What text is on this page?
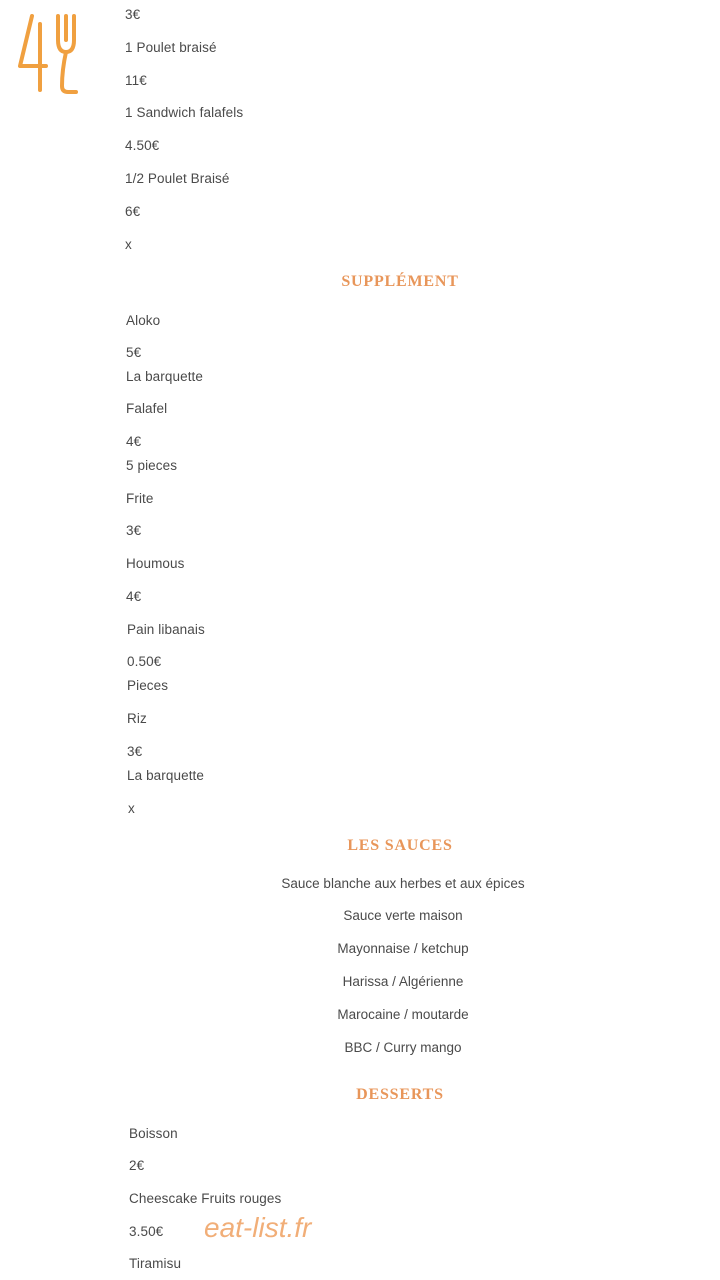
3€
1 Poulet braisé
11€
1 Sandwich falafels
4.50€
1/2 Poulet Braisé
6€
x
SUPPLÉMENT
Aloko
5€
La barquette
Falafel
4€
5 pieces
Frite
3€
Houmous
4€
Pain libanais
0.50€
Pieces
Riz
3€
La barquette
x
LES SAUCES
Sauce blanche aux herbes et aux épices
Sauce verte maison
Mayonnaise / ketchup
Harissa / Algérienne
Marocaine / moutarde
BBC / Curry mango
DESSERTS
Boisson
2€
Cheescake Fruits rouges
3.50€
Tiramisu
eat-list.fr
